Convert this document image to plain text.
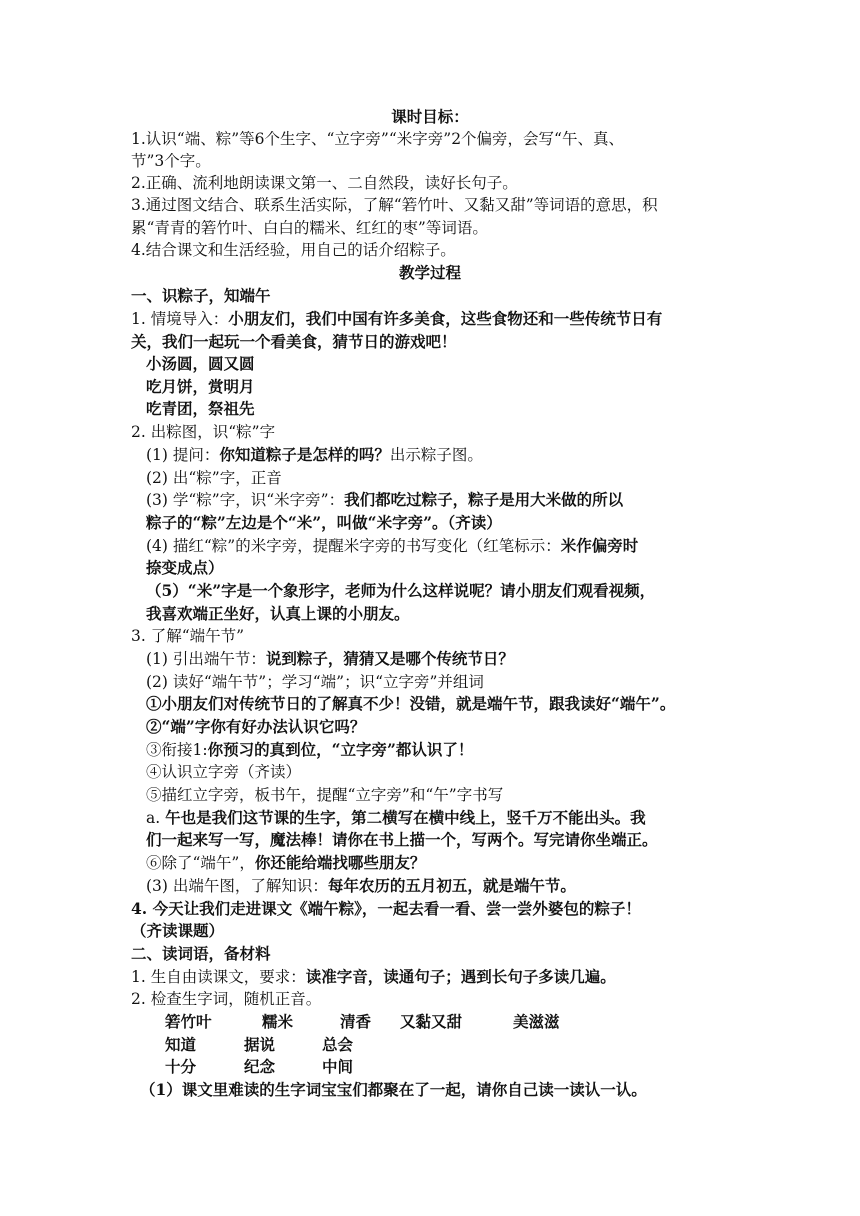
课时目标：
1.认识“端、粽”等6个生字、“立字旁”“米字旁”2个偏旁，会写“午、真、
节”3个字。
2.正确、流利地朗读课文第一、二自然段，读好长句子。
3.通过图文结合、联系生活实际，了解“箬竹叶、又黏又甜”等词语的意思，积
累“青青的箬竹叶、白白的糯米、红红的枣”等词语。
4.结合课文和生活经验，用自己的话介绍粽子。
教学过程
一、识粽子，知端午
1. 情境导入：小朋友们，我们中国有许多美食，这些食物还和一些传统节日有
关，我们一起玩一个看美食，猜节日的游戏吧！
小汤圆，圆又圆
吃月饼，赏明月
吃青团，祭祖先
2. 出粽图，识“粽”字
(1) 提问：你知道粽子是怎样的吗？出示粽子图。
(2) 出“粽”字，正音
(3) 学“粽”字，识“米字旁”：我们都吃过粽子，粽子是用大米做的所以
粽子的“粽”左边是个“米”，叫做“米字旁”。（齐读）
(4) 描红“粽”的米字旁，提醒米字旁的书写变化（红笔标示：米作偏旁时
捺变成点）
（5）“米”字是一个象形字，老师为什么这样说呢？请小朋友们观看视频，
我喜欢端正坐好，认真上课的小朋友。
3. 了解“端午节”
(1) 引出端午节：说到粽子，猜猜又是哪个传统节日？
(2) 读好“端午节”；学习“端”；识“立字旁”并组词
①小朋友们对传统节日的了解真不少！没错，就是端午节，跟我读好“端午”。
②“端”字你有好办法认识它吗？
③衔接1:你预习的真到位，“立字旁”都认识了！
④认识立字旁（齐读）
⑤描红立字旁，板书午，提醒“立字旁”和“午”字书写
a. 午也是我们这节课的生字，第二横写在横中线上，竖千万不能出头。我
们一起来写一写，魔法棒！请你在书上描一个，写两个。写完请你坐端正。
⑥除了“端午”，你还能给端找哪些朋友？
(3) 出端午图，了解知识：每年农历的五月初五，就是端午节。
4. 今天让我们走进课文《端午粽》，一起去看一看、尝一尝外婆包的粽子！
（齐读课题）
二、读词语，备材料
1. 生自由读课文，要求：读准字音，读通句子；遇到长句子多读几遍。
2. 检查生字词，随机正音。
箬竹叶	糯米	清香 又黏又甜	美滋滋
知道	据说	总会
十分	纪念	中间
（1）课文里难读的生字词宝宝们都聚在了一起，请你自己读一读认一认。
